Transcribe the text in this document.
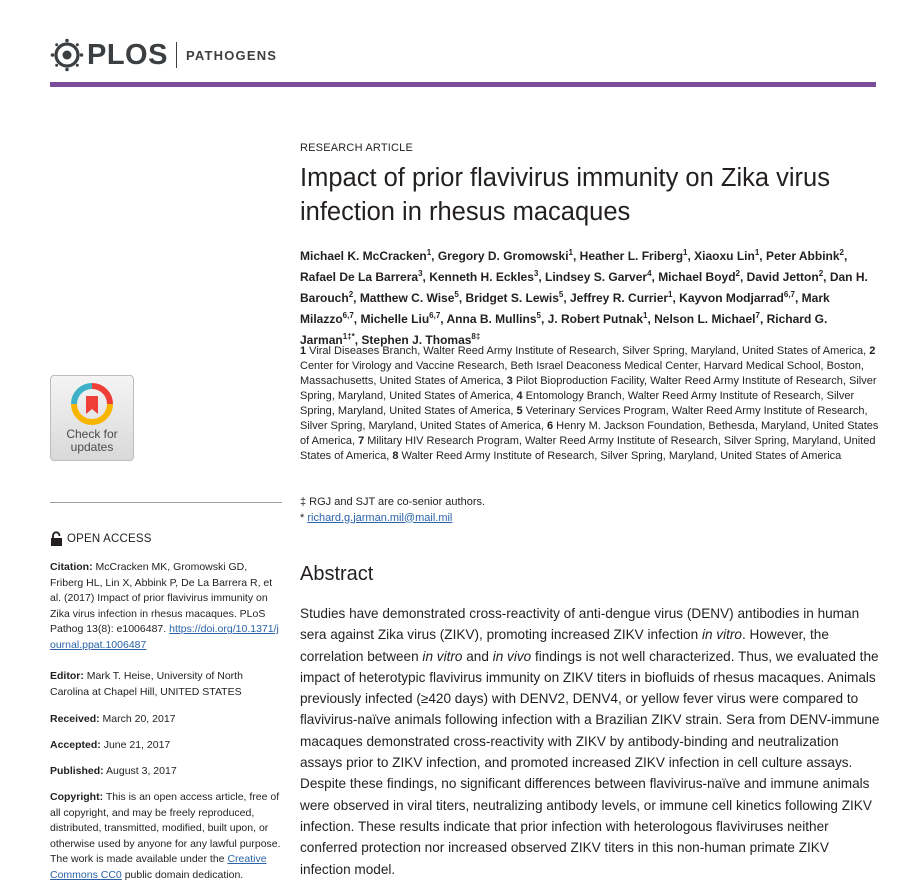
PLOS PATHOGENS
Check for
updates
OPEN ACCESS
Citation: McCracken MK, Gromowski GD, Friberg HL, Lin X, Abbink P, De La Barrera R, et al. (2017) Impact of prior flavivirus immunity on Zika virus infection in rhesus macaques. PLoS Pathog 13(8): e1006487. https://doi.org/10.1371/journal.ppat.1006487
Editor: Mark T. Heise, University of North Carolina at Chapel Hill, UNITED STATES
Received: March 20, 2017
Accepted: June 21, 2017
Published: August 3, 2017
Copyright: This is an open access article, free of all copyright, and may be freely reproduced, distributed, transmitted, modified, built upon, or otherwise used by anyone for any lawful purpose. The work is made available under the Creative Commons CC0 public domain dedication.
RESEARCH ARTICLE
Impact of prior flavivirus immunity on Zika virus infection in rhesus macaques
Michael K. McCracken$^1$, Gregory D. Gromowski$^1$, Heather L. Friberg$^1$, Xiaoxu Lin$^1$, Peter Abbink$^2$, Rafael De La Barrera$^3$, Kenneth H. Eckles$^3$, Lindsey S. Garver$^4$, Michael Boyd$^2$, David Jetton$^2$, Dan H. Barouch$^2$, Matthew C. Wise$^5$, Bridget S. Lewis$^5$, Jeffrey R. Currier$^1$, Kayvon Modjarrad$^{6,7}$, Mark Milazzo$^{6,7}$, Michelle Liu$^{6,7}$, Anna B. Mullins$^5$, J. Robert Putnak$^1$, Nelson L. Michael$^7$, Richard G. Jarman$^{1\ddagger*}$, Stephen J. Thomas$^{8\ddagger}$
1 Viral Diseases Branch, Walter Reed Army Institute of Research, Silver Spring, Maryland, United States of America, 2 Center for Virology and Vaccine Research, Beth Israel Deaconess Medical Center, Harvard Medical School, Boston, Massachusetts, United States of America, 3 Pilot Bioproduction Facility, Walter Reed Army Institute of Research, Silver Spring, Maryland, United States of America, 4 Entomology Branch, Walter Reed Army Institute of Research, Silver Spring, Maryland, United States of America, 5 Veterinary Services Program, Walter Reed Army Institute of Research, Silver Spring, Maryland, United States of America, 6 Henry M. Jackson Foundation, Bethesda, Maryland, United States of America, 7 Military HIV Research Program, Walter Reed Army Institute of Research, Silver Spring, Maryland, United States of America, 8 Walter Reed Army Institute of Research, Silver Spring, Maryland, United States of America
‡ RGJ and SJT are co-senior authors.
* richard.g.jarman.mil@mail.mil
Abstract
Studies have demonstrated cross-reactivity of anti-dengue virus (DENV) antibodies in human sera against Zika virus (ZIKV), promoting increased ZIKV infection in vitro. However, the correlation between in vitro and in vivo findings is not well characterized. Thus, we evaluated the impact of heterotypic flavivirus immunity on ZIKV titers in biofluids of rhesus macaques. Animals previously infected (≥420 days) with DENV2, DENV4, or yellow fever virus were compared to flavivirus-naïve animals following infection with a Brazilian ZIKV strain. Sera from DENV-immune macaques demonstrated cross-reactivity with ZIKV by antibody-binding and neutralization assays prior to ZIKV infection, and promoted increased ZIKV infection in cell culture assays. Despite these findings, no significant differences between flavivirus-naïve and immune animals were observed in viral titers, neutralizing antibody levels, or immune cell kinetics following ZIKV infection. These results indicate that prior infection with heterologous flaviviruses neither conferred protection nor increased observed ZIKV titers in this non-human primate ZIKV infection model.
